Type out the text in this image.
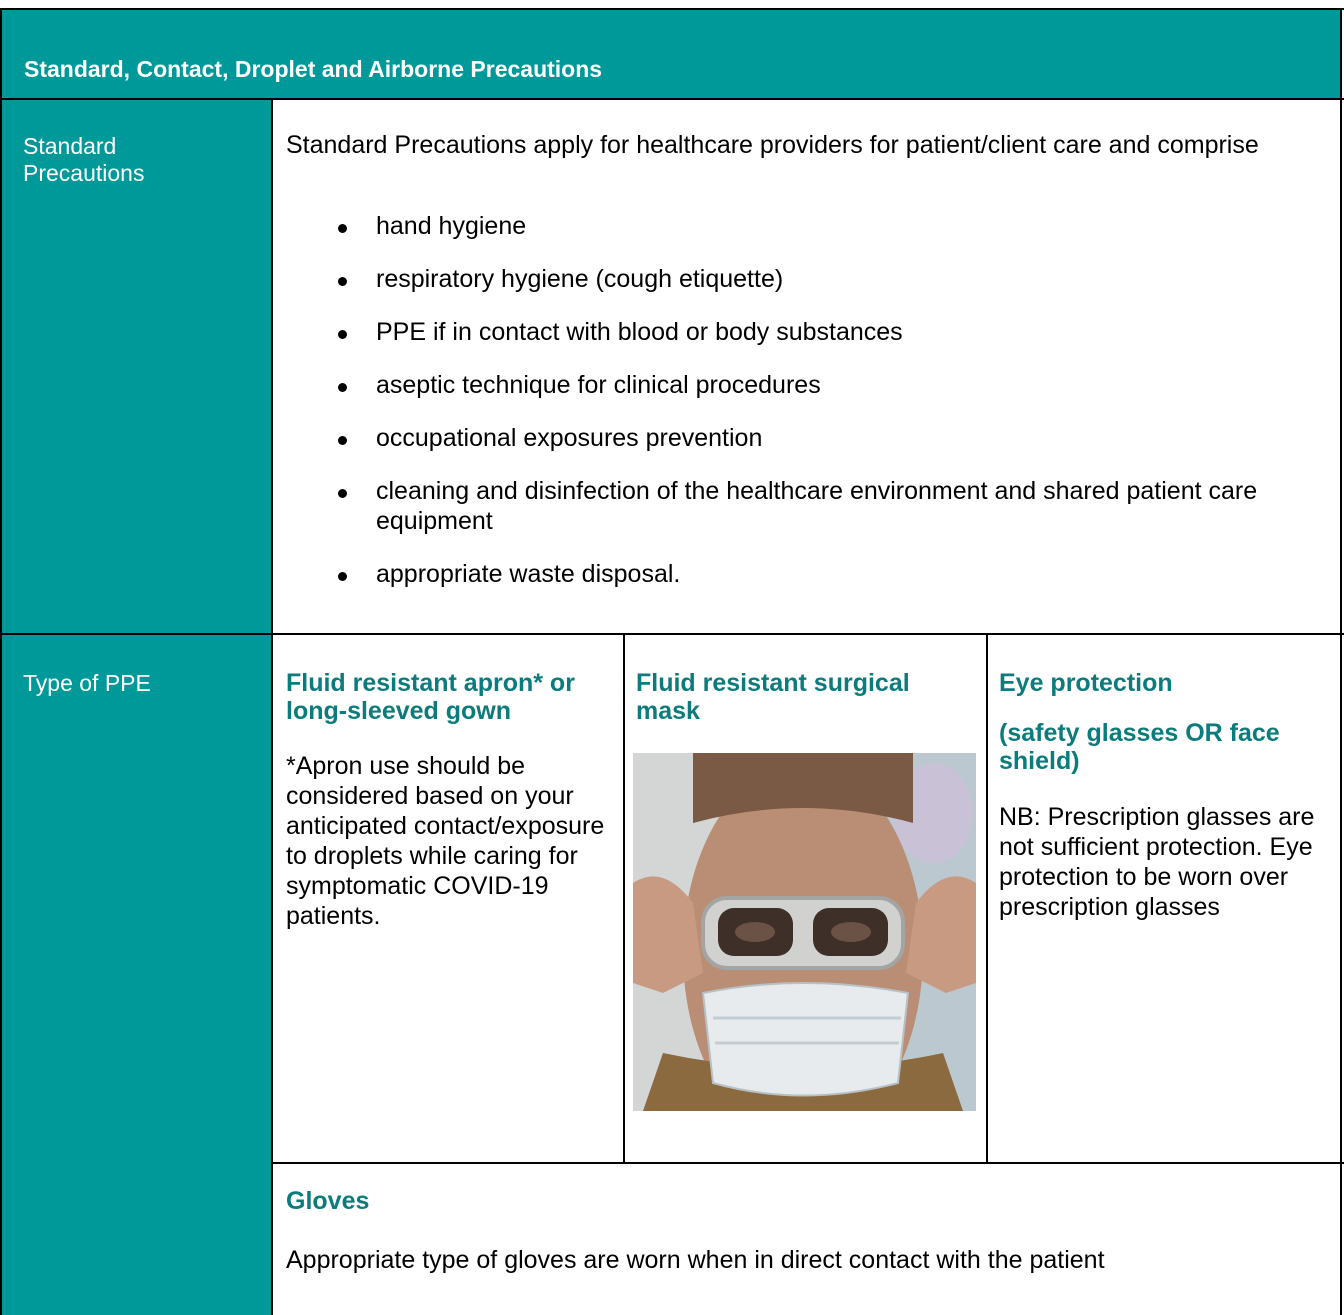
Standard, Contact, Droplet and Airborne Precautions
Standard Precautions
Standard Precautions apply for healthcare providers for patient/client care and comprise
hand hygiene
respiratory hygiene (cough etiquette)
PPE if in contact with blood or body substances
aseptic technique for clinical procedures
occupational exposures prevention
cleaning and disinfection of the healthcare environment and shared patient care equipment
appropriate waste disposal.
Type of PPE	Fluid resistant apron* or long-sleeved gown
*Apron use should be considered based on your anticipated contact/exposure to droplets while caring for symptomatic COVID-19 patients.
Fluid resistant surgical mask
Eye protection
(safety glasses OR face shield)
NB: Prescription glasses are not sufficient protection. Eye protection to be worn over prescription glasses
Gloves
Appropriate type of gloves are worn when in direct contact with the patient
